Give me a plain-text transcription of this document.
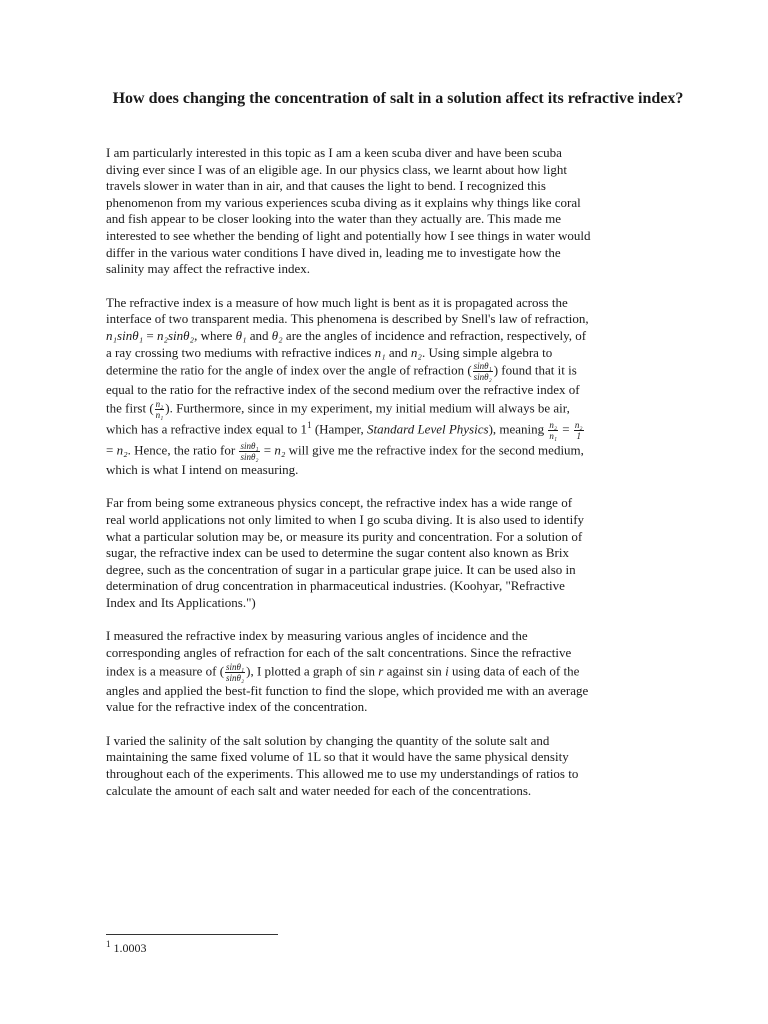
How does changing the concentration of salt in a solution affect its refractive index?

I am particularly interested in this topic as I am a keen scuba diver and have been scuba diving ever since I was of an eligible age. In our physics class, we learnt about how light travels slower in water than in air, and that causes the light to bend. I recognized this phenomenon from my various experiences scuba diving as it explains why things like coral and fish appear to be closer looking into the water than they actually are. This made me interested to see whether the bending of light and potentially how I see things in water would differ in the various water conditions I have dived in, leading me to investigate how the salinity may affect the refractive index.

The refractive index is a measure of how much light is bent as it is propagated across the interface of two transparent media. This phenomena is described by Snell's law of refraction, n₁sinθ₁ = n₂sinθ₂, where θ₁ and θ₂ are the angles of incidence and refraction, respectively, of a ray crossing two mediums with refractive indices n₁ and n₂. Using simple algebra to determine the ratio for the angle of index over the angle of refraction ( $\frac{\text{sinθ₁}}{\text{sinθ₂}}$ ) found that it is equal to the ratio for the refractive index of the second medium over the refractive index of the first ( $\frac{\text{n₂}}{\text{n₁}}$ ). Furthermore, since in my experiment, my initial medium will always be air, which has a refractive index equal to $1^1$ (Hamper, Standard Level Physics), meaning $\frac{\text{n₂}}{\text{n₁}} = \frac{\text{n₂}}{1}$
= n₂. Hence, the ratio for $\frac{\text{sinθ₁}}{\text{sinθ₂}} = n_2$ will give me the refractive index for the second medium, which is what I intend on measuring.

Far from being some extraneous physics concept, the refractive index has a wide range of real world applications not only limited to when I go scuba diving. It is also used to identify what a particular solution may be, or measure its purity and concentration. For a solution of sugar, the refractive index can be used to determine the sugar content also known as Brix degree, such as the concentration of sugar in a particular grape juice. It can be used also in determination of drug concentration in pharmaceutical industries. (Koohyar, "Refractive Index and Its Applications.")

I measured the refractive index by measuring various angles of incidence and the corresponding angles of refraction for each of the salt concentrations. Since the refractive index is a measure of ( $\frac{\text{sinθ₁}}{\text{sinθ₂}}$ ), I plotted a graph of sin r against sin i using data of each of the angles and applied the best-fit function to find the slope, which provided me with an average value for the refractive index of the concentration.

I varied the salinity of the salt solution by changing the quantity of the solute salt and maintaining the same fixed volume of 1L so that it would have the same physical density throughout each of the experiments. This allowed me to use my understandings of ratios to calculate the amount of each salt and water needed for each of the concentrations.

$^1$ 1.0003
